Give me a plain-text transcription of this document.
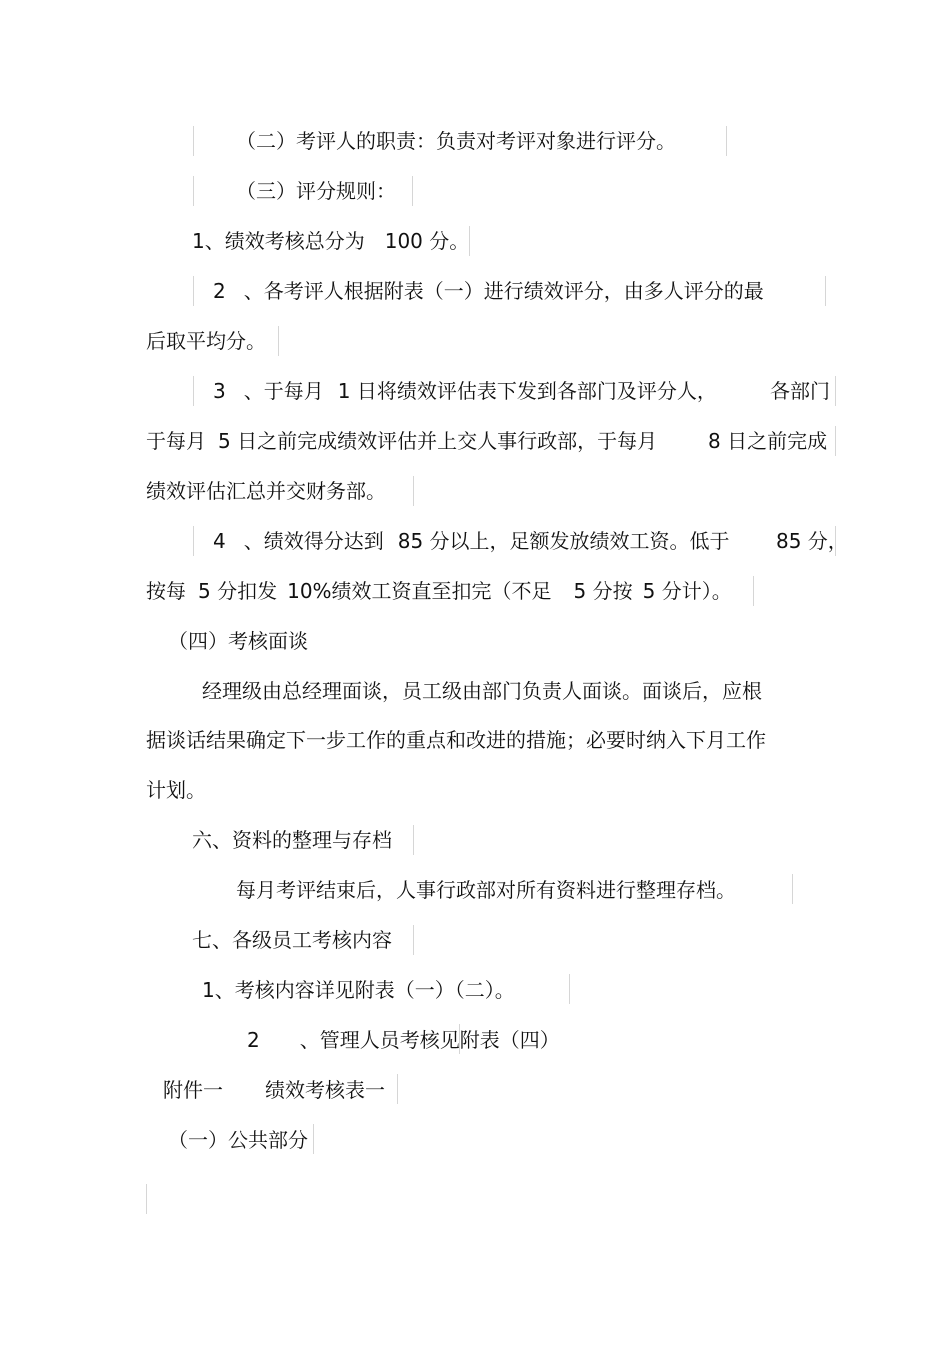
（二）考评人的职责：负责对考评对象进行评分。
（三）评分规则：
1、绩效考核总分为 100 分。
2 、各考评人根据附表（一）进行绩效评分，由多人评分的最
后取平均分。
3 、于每月 1 日将绩效评估表下发到各部门及评分人，	各部门
于每月 5 日之前完成绩效评估并上交人事行政部，于每月	8 日之前完成
绩效评估汇总并交财务部。
4 、绩效得分达到 85 分以上，足额发放绩效工资。低于 85 分，
按每 5 分扣发 10%绩效工资直至扣完（不足 5 分按 5 分计）。
（四）考核面谈
经理级由总经理面谈，员工级由部门负责人面谈。面谈后，应根
据谈话结果确定下一步工作的重点和改进的措施；必要时纳入下月工作
计划。
六、资料的整理与存档
每月考评结束后，人事行政部对所有资料进行整理存档。
七、各级员工考核内容
1、考核内容详见附表（一）（二）。
2 、管理人员考核见附表（四）
附件一 绩效考核表一
（一）公共部分
